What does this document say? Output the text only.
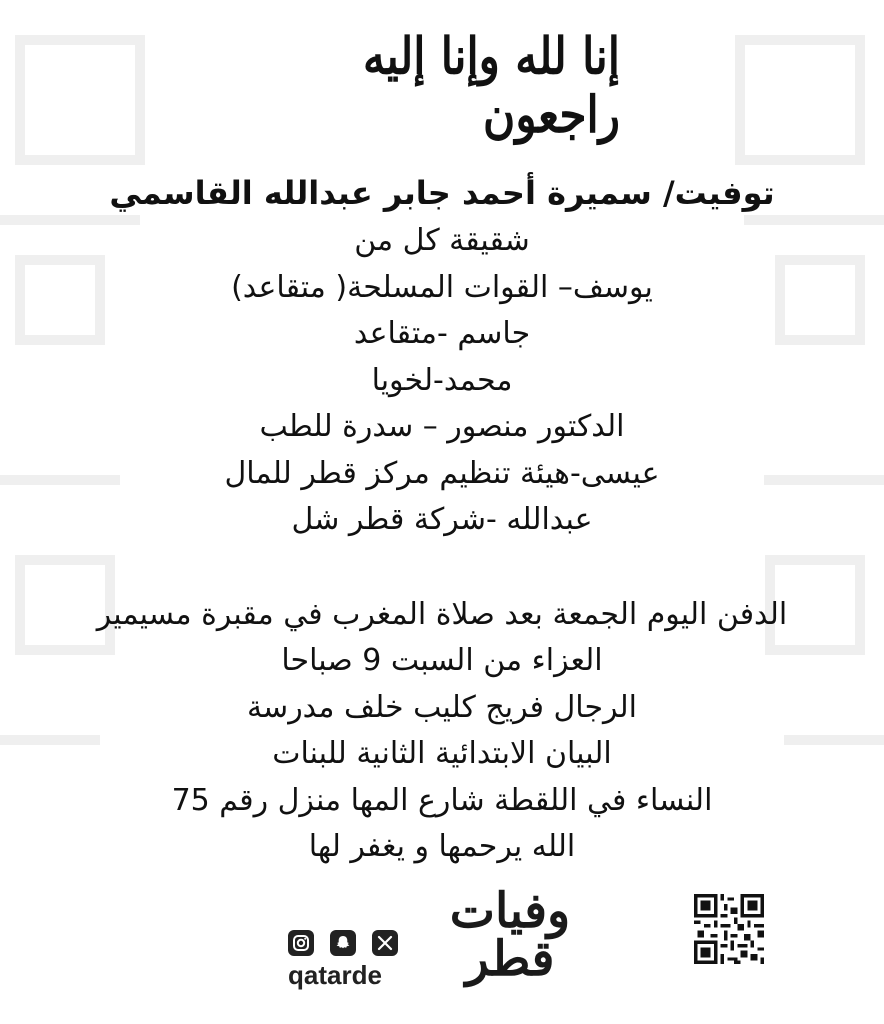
إنا لله وإنا إليه راجعون

توفيت/ سميرة أحمد جابر عبدالله القاسمي

شقيقة كل من

يوسف– القوات المسلحة( متقاعد)

جاسم -متقاعد

محمد-لخويا

الدكتور منصور – سدرة للطب

عيسى-هيئة تنظيم مركز قطر للمال

عبدالله -شركة قطر شل

الدفن اليوم الجمعة بعد صلاة المغرب في مقبرة مسيمير

العزاء من السبت 9 صباحا

الرجال فريج كليب خلف مدرسة

البيان الابتدائية الثانية للبنات

النساء في اللقطة شارع المها منزل رقم 75

الله يرحمها و يغفر لها

qatarde
وفيات قطر
